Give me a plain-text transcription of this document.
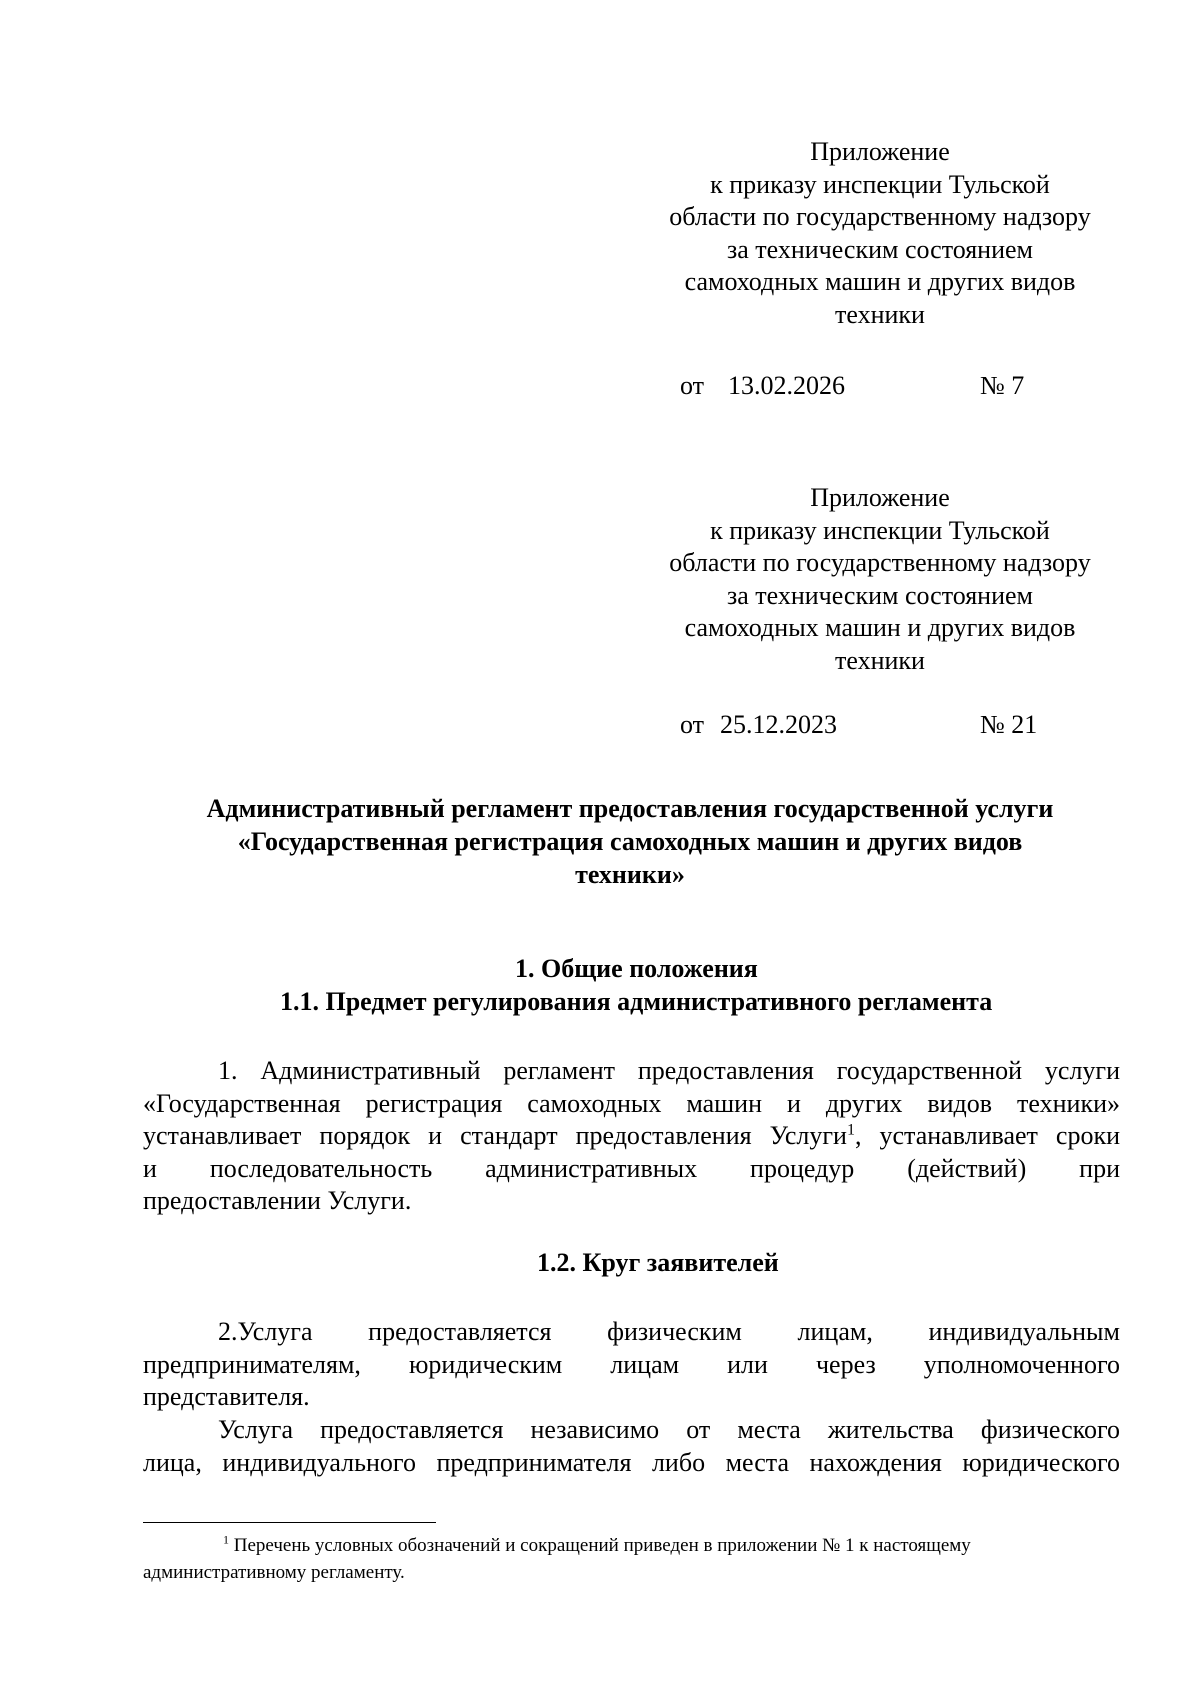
Приложение
к приказу инспекции Тульской
области по государственному надзору
за техническим состоянием
самоходных машин и других видов
техники
от 13.02.2026	№ 7
Приложение
к приказу инспекции Тульской
области по государственному надзору
за техническим состоянием
самоходных машин и других видов
техники
от 25.12.2023	№ 21
Административный регламент предоставления государственной услуги
«Государственная регистрация самоходных машин и других видов
техники»
1. Общие положения
1.1. Предмет регулирования административного регламента
1. Административный регламент предоставления государственной услуги
«Государственная регистрация самоходных машин и других видов техники»
устанавливает порядок и стандарт предоставления Услуги$^1$, устанавливает сроки
и последовательность административных процедур (действий) при
предоставлении Услуги.
1.2. Круг заявителей
2.Услуга предоставляется физическим лицам, индивидуальным
предпринимателям, юридическим лицам или через уполномоченного
представителя.
Услуга предоставляется независимо от места жительства физического
лица, индивидуального предпринимателя либо места нахождения юридического
$^1$ Перечень условных обозначений и сокращений приведен в приложении № 1 к настоящему
административному регламенту.
